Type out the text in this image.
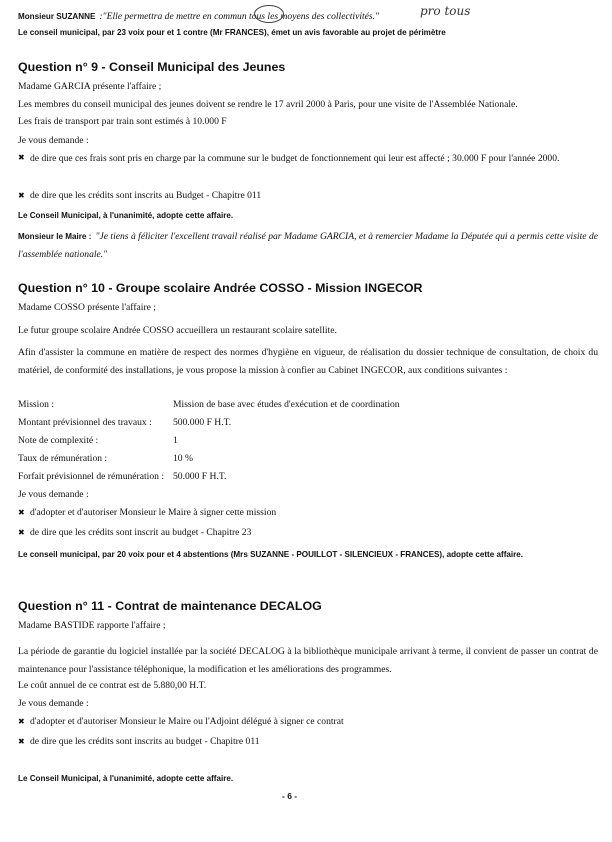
Monsieur SUZANNE :"Elle permettra de mettre en commun tous les moyens des collectivités."	pro tous
Le conseil municipal, par 23 voix pour et 1 contre (Mr FRANCES), émet un avis favorable au projet de périmètre
Question n° 9 - Conseil Municipal des Jeunes
Madame GARCIA présente l'affaire ;
Les membres du conseil municipal des jeunes doivent se rendre le 17 avril 2000 à Paris, pour une visite de l'Assemblée Nationale.
Les frais de transport par train sont estimés à 10.000 F
Je vous demande :
✖ de dire que ces frais sont pris en charge par la commune sur le budget de fonctionnement qui leur est affecté ; 30.000 F pour l'année 2000.
✖ de dire que les crédits sont inscrits au Budget - Chapitre 011
Le Conseil Municipal, à l'unanimité, adopte cette affaire.
Monsieur le Maire : "Je tiens à féliciter l'excellent travail réalisé par Madame GARCIA, et à remercier Madame la Députée qui a permis cette visite de l'assemblée nationale."
Question n° 10 - Groupe scolaire Andrée COSSO - Mission INGECOR
Madame COSSO présente l'affaire ;
Le futur groupe scolaire Andrée COSSO accueillera un restaurant scolaire satellite.
Afin d'assister la commune en matière de respect des normes d'hygiène en vigueur, de réalisation du dossier technique de consultation, de choix du matériel, de conformité des installations, je vous propose la mission à confier au Cabinet INGECOR, aux conditions suivantes :
Mission :	Mission de base avec études d'exécution et de coordination
Montant prévisionnel des travaux : 500.000 F H.T.
Note de complexité :	1
Taux de rémunération :	10 %
Forfait prévisionnel de rémunération : 50.000 F H.T.
Je vous demande :
✖ d'adopter et d'autoriser Monsieur le Maire à signer cette mission
✖ de dire que les crédits sont inscrit au budget - Chapitre 23
Le conseil municipal, par 20 voix pour et 4 abstentions (Mrs SUZANNE - POUILLOT - SILENCIEUX - FRANCES), adopte cette affaire.
Question n° 11 - Contrat de maintenance DECALOG
Madame BASTIDE rapporte l'affaire ;
La période de garantie du logiciel installée par la société DECALOG à la bibliothèque municipale arrivant à terme, il convient de passer un contrat de maintenance pour l'assistance téléphonique, la modification et les améliorations des programmes.
Le coût annuel de ce contrat est de 5.880,00 H.T.
Je vous demande :
✖ d'adopter et d'autoriser Monsieur le Maire ou l'Adjoint délégué à signer ce contrat
✖ de dire que les crédits sont inscrits au budget - Chapitre 011
Le Conseil Municipal, à l'unanimité, adopte cette affaire.
- 6 -
